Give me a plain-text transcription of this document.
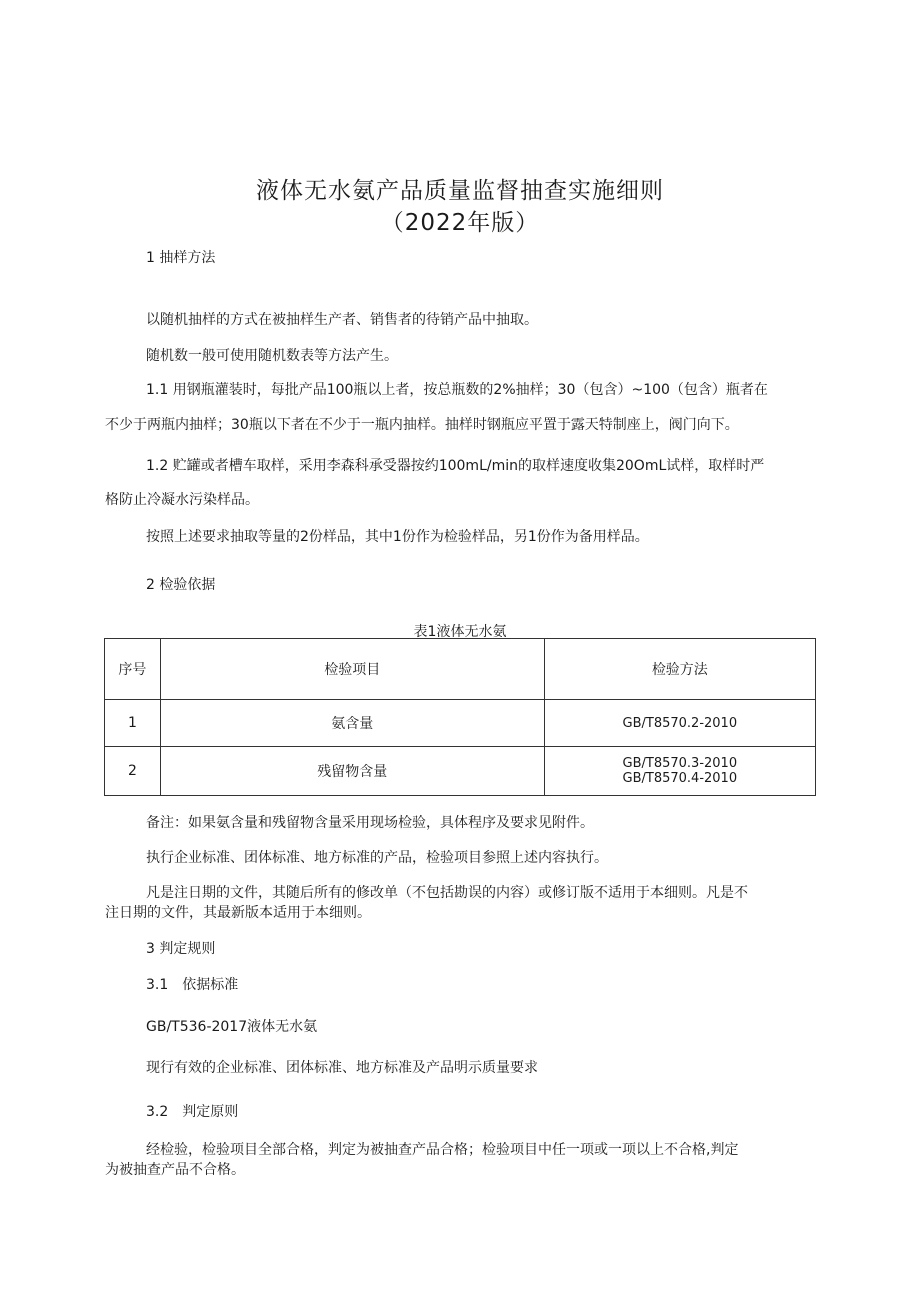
液体无水氨产品质量监督抽查实施细则
（2022年版）
1 抽样方法
以随机抽样的方式在被抽样生产者、销售者的待销产品中抽取。
随机数一般可使用随机数表等方法产生。
1.1 用钢瓶灌装时，每批产品100瓶以上者，按总瓶数的2%抽样；30（包含）~100（包含）瓶者在
不少于两瓶内抽样；30瓶以下者在不少于一瓶内抽样。抽样时钢瓶应平置于露天特制座上，阀门向下。
1.2 贮罐或者槽车取样，采用李森科承受器按约100mL/min的取样速度收集20OmL试样，取样时严
格防止冷凝水污染样品。
按照上述要求抽取等量的2份样品，其中1份作为检验样品，另1份作为备用样品。
2 检验依据
表1液体无水氨
序号	检验项目	检验方法
1	氨含量	GB/T8570.2-2010

2	残留物含量	GB/T8570.3-2010
GB/T8570.4-2010
备注：如果氨含量和残留物含量采用现场检验，具体程序及要求见附件。
执行企业标准、团体标准、地方标准的产品，检验项目参照上述内容执行。
凡是注日期的文件，其随后所有的修改单（不包括勘误的内容）或修订版不适用于本细则。凡是不
注日期的文件，其最新版本适用于本细则。
3 判定规则
3.1　依据标准
GB/T536-2017液体无水氨
现行有效的企业标准、团体标准、地方标准及产品明示质量要求
3.2　判定原则
经检验，检验项目全部合格，判定为被抽查产品合格；检验项目中任一项或一项以上不合格,判定
为被抽查产品不合格。
